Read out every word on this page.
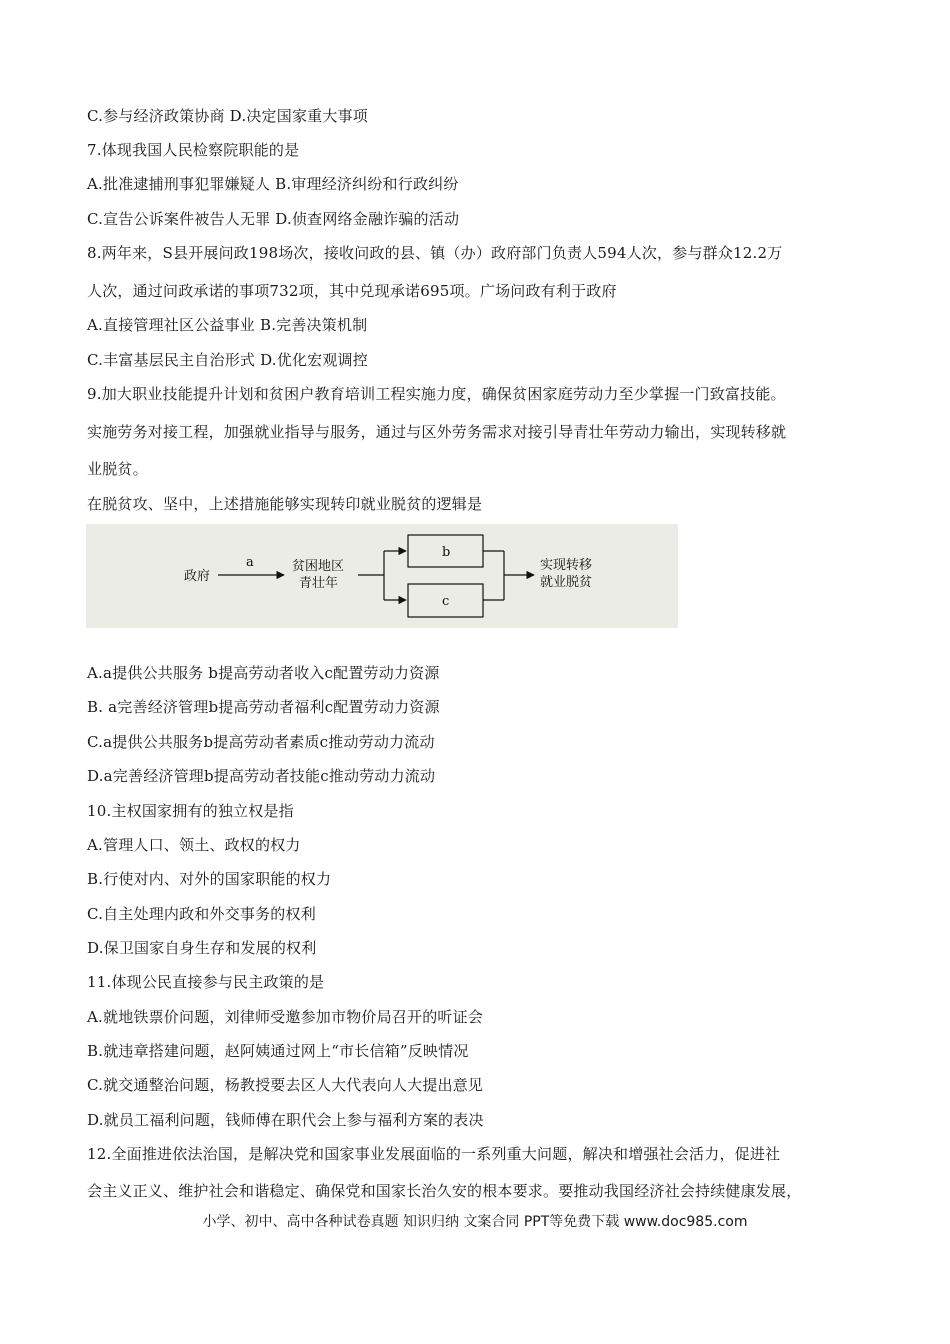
C.参与经济政策协商 D.决定国家重大事项
7.体现我国人民检察院职能的是
A.批准逮捕刑事犯罪嫌疑人 B.审理经济纠纷和行政纠纷
C.宣告公诉案件被告人无罪 D.侦查网络金融诈骗的活动
8.两年来，S县开展问政198场次，接收问政的县、镇（办）政府部门负责人594人次，参与群众12.2万
人次，通过问政承诺的事项732项，其中兑现承诺695项。广场问政有利于政府
A.直接管理社区公益事业 B.完善决策机制
C.丰富基层民主自治形式 D.优化宏观调控
9.加大职业技能提升计划和贫困户教育培训工程实施力度，确保贫困家庭劳动力至少掌握一门致富技能。
实施劳务对接工程，加强就业指导与服务，通过与区外劳务需求对接引导青壮年劳动力输出，实现转移就
业脱贫。
在脱贫攻、坚中，上述措施能够实现转印就业脱贫的逻辑是
政府
a	贫困地区
青壮年
b
c
实现转移
就业脱贫
A.a提供公共服务 b提高劳动者收入c配置劳动力资源
B. a完善经济管理b提高劳动者福利c配置劳动力资源
C.a提供公共服务b提高劳动者素质c推动劳动力流动
D.a完善经济管理b提高劳动者技能c推动劳动力流动
10.主权国家拥有的独立权是指
A.管理人口、领土、政权的权力
B.行使对内、对外的国家职能的权力
C.自主处理内政和外交事务的权利
D.保卫国家自身生存和发展的权利
11.体现公民直接参与民主政策的是
A.就地铁票价问题，刘律师受邀参加市物价局召开的听证会
B.就违章搭建问题，赵阿姨通过网上“市长信箱”反映情况
C.就交通整治问题，杨教授要去区人大代表向人大提出意见
D.就员工福利问题，钱师傅在职代会上参与福利方案的表决
12.全面推进依法治国，是解决党和国家事业发展面临的一系列重大问题，解决和增强社会活力，促进社
会主义正义、维护社会和谐稳定、确保党和国家长治久安的根本要求。要推动我国经济社会持续健康发展，
小学、初中、高中各种试卷真题 知识归纳 文案合同 PPT等免费下载 www.doc985.com
